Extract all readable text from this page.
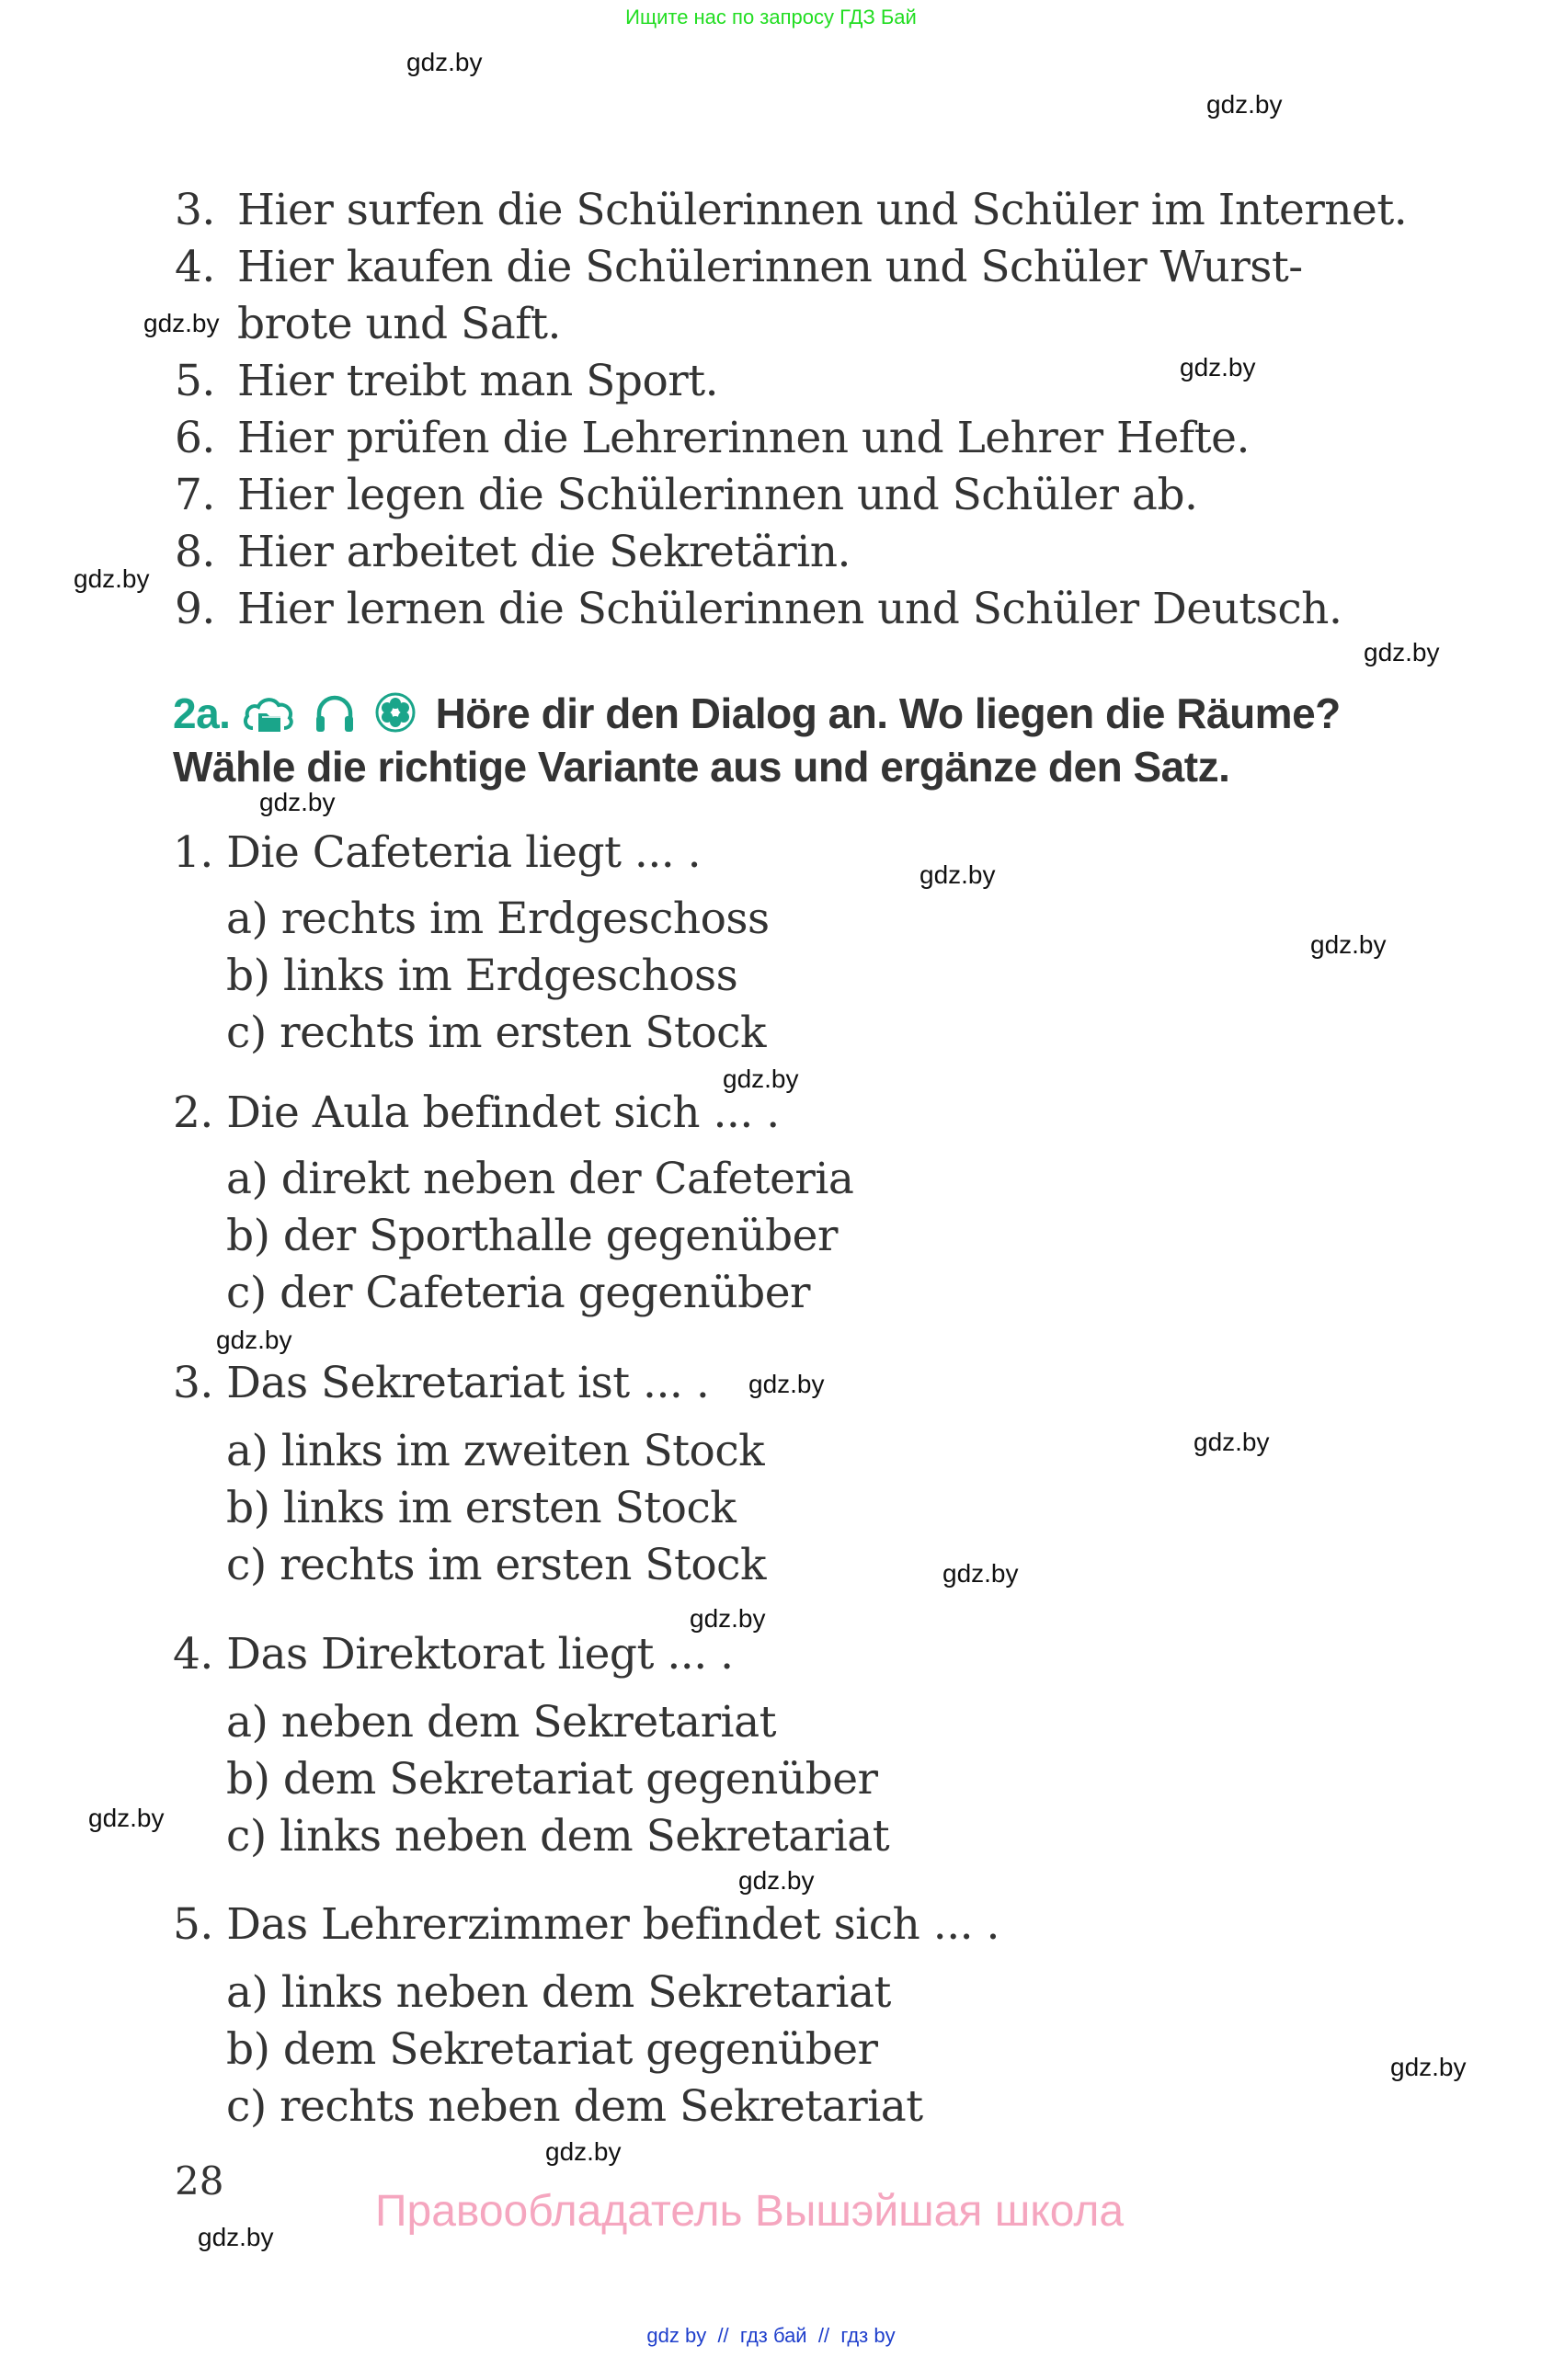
Ищите нас по запросу ГДЗ Бай
gdz.by
gdz.by
gdz.by
gdz.by
gdz.by
gdz.by
gdz.by
gdz.by
gdz.by
gdz.by
gdz.by
gdz.by
gdz.by
gdz.by
gdz.by
gdz.by
gdz.by
gdz.by
gdz.by
gdz.by
3. Hier surfen die Schülerinnen und Schüler im Internet.
4. Hier kaufen die Schülerinnen und Schüler Wurst-
brote und Saft.
5. Hier treibt man Sport.
6. Hier prüfen die Lehrerinnen und Lehrer Hefte.
7. Hier legen die Schülerinnen und Schüler ab.
8. Hier arbeitet die Sekretärin.
9. Hier lernen die Schülerinnen und Schüler Deutsch.
2a.	Höre dir den Dialog an. Wo liegen die Räume?
Wähle die richtige Variante aus und ergänze den Satz.
1. Die Cafeteria liegt ... .
a) rechts im Erdgeschoss
b) links im Erdgeschoss
c) rechts im ersten Stock
2. Die Aula befindet sich ... .
a) direkt neben der Cafeteria
b) der Sporthalle gegenüber
c) der Cafeteria gegenüber
3. Das Sekretariat ist ... .
a) links im zweiten Stock
b) links im ersten Stock
c) rechts im ersten Stock
4. Das Direktorat liegt ... .
a) neben dem Sekretariat
b) dem Sekretariat gegenüber
c) links neben dem Sekretariat
5. Das Lehrerzimmer befindet sich ... .
a) links neben dem Sekretariat
b) dem Sekretariat gegenüber
c) rechts neben dem Sekretariat
28
Правообладатель Вышэйшая школа
gdz by // гдз бай // гдз by
